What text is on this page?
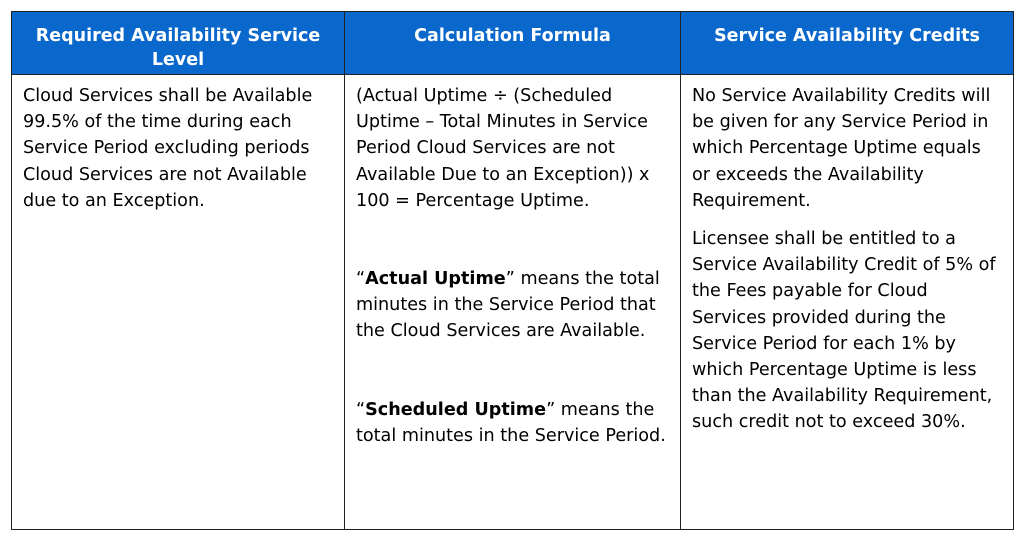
Required Availability Service Level
Calculation Formula	Service Availability Credits

Cloud Services shall be Available 99.5% of the time during each Service Period excluding periods Cloud Services are not Available due to an Exception.

(Actual Uptime ÷ (Scheduled Uptime – Total Minutes in Service Period Cloud Services are not Available Due to an Exception)) x 100 = Percentage Uptime.

“Actual Uptime” means the total minutes in the Service Period that the Cloud Services are Available.

“Scheduled Uptime” means the total minutes in the Service Period.

No Service Availability Credits will be given for any Service Period in which Percentage Uptime equals or exceeds the Availability Requirement.

Licensee shall be entitled to a Service Availability Credit of 5% of the Fees payable for Cloud Services provided during the Service Period for each 1% by which Percentage Uptime is less than the Availability Requirement, such credit not to exceed 30%.
